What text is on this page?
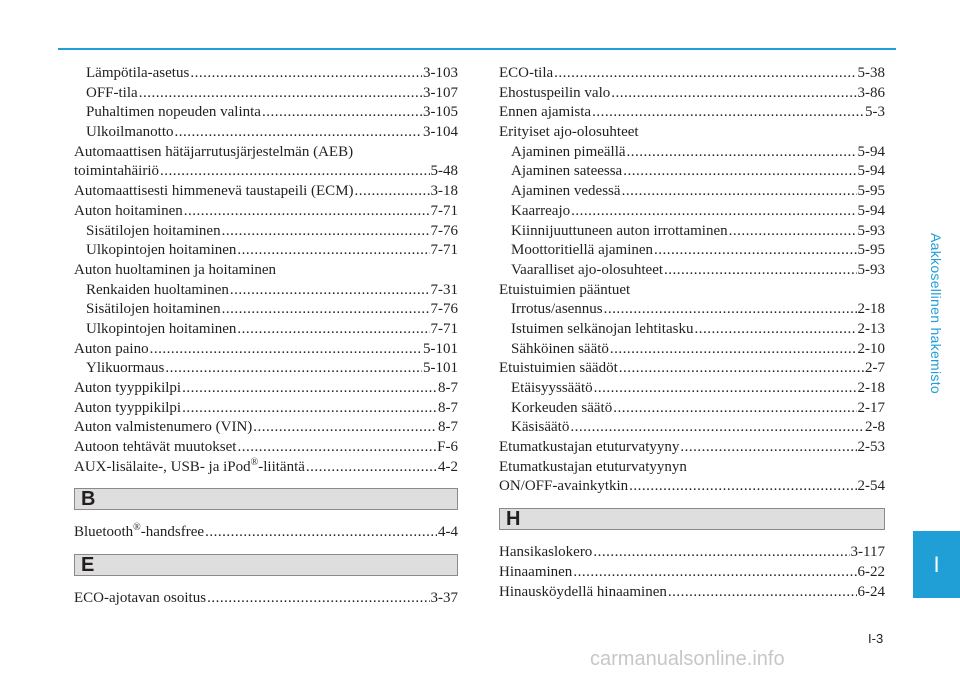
Lämpötila-asetus .....	3-103
OFF-tila .....	3-107
Puhaltimen nopeuden valinta .....	3-105
Ulkoilmanotto .....	3-104
Automaattisen hätäjarrutusjärjestelmän (AEB)
toimintahäiriö .....	5-48
Automaattisesti himmenevä taustapeili (ECM) .....	3-18
Auton hoitaminen .....	7-71
Sisätilojen hoitaminen .....	7-76
Ulkopintojen hoitaminen .....	7-71
Auton huoltaminen ja hoitaminen
Renkaiden huoltaminen .....	7-31
Sisätilojen hoitaminen .....	7-76
Ulkopintojen hoitaminen .....	7-71
Auton paino .....	5-101
Ylikuormaus .....	5-101
Auton tyyppikilpi .....	8-7
Auton tyyppikilpi .....	8-7
Auton valmistenumero (VIN) .....	8-7
Autoon tehtävät muutokset .....	F-6
AUX-lisälaite-, USB- ja iPod®-liitäntä .....	4-2
B
Bluetooth®-handsfree .....	4-4
E
ECO-ajotavan osoitus .....	3-37
ECO-tila .....	5-38
Ehostuspeilin valo .....	3-86
Ennen ajamista .....	5-3
Erityiset ajo-olosuhteet
Ajaminen pimeällä .....	5-94
Ajaminen sateessa .....	5-94
Ajaminen vedessä .....	5-95
Kaarreajo .....	5-94
Kiinnijuuttuneen auton irrottaminen .....	5-93
Moottoritiellä ajaminen .....	5-95
Vaaralliset ajo-olosuhteet .....	5-93
Etuistuimien pääntuet
Irrotus/asennus .....	2-18
Istuimen selkänojan lehtitasku .....	2-13
Sähköinen säätö .....	2-10
Etuistuimien säädöt .....	2-7
Etäisyyssäätö .....	2-18
Korkeuden säätö .....	2-17
Käsisäätö .....	2-8
Etumatkustajan etuturvatyyny .....	2-53
Etumatkustajan etuturvatyynyn
ON/OFF-avainkytkin .....	2-54
H
Hansikaslokero .....	3-117
Hinaaminen .....	6-22
Hinausköydellä hinaaminen .....	6-24
Aakkosellinen hakemisto
I
I-3
carmanualsonline.info
